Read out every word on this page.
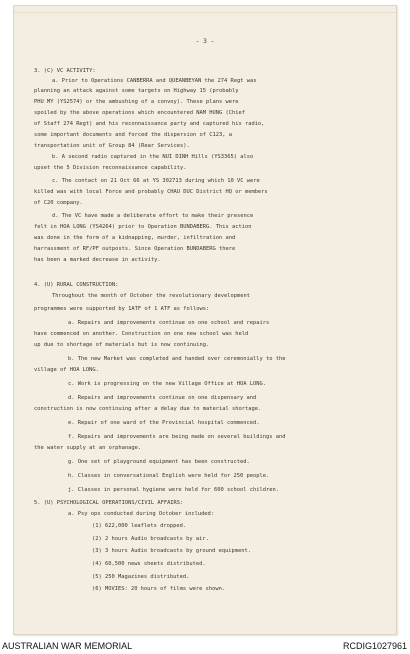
- 3 -
3. (C) VC ACTIVITY:
a. Prior to Operations CANBERRA and QUEANBEYAN the 274 Regt was
planning an attack against some targets on Highway 15 (probably
PHU MY (YS2574) or the ambushing of a convoy). These plans were
spoiled by the above operations which encountered NAM HUNG (Chief
of Staff 274 Regt) and his reconnaissance party and captured his radio,
some important documents and forced the dispersion of C123, a
transportation unit of Group 84 (Rear Services).
b. A second radio captured in the NUI DINH Hills (YS3365) also
upset the 5 Division reconnaissance capability.
c. The contact on 21 Oct 66 at YS 302713 during which 10 VC were
killed was with local Force and probably CHAU DUC District HQ or members
of C20 company.
d. The VC have made a deliberate effort to make their presence
felt in HOA LONG (YS4264) prior to Operation BUNDABERG. This action
was done in the form of a kidnapping, murder, infiltration and
harrassment of RF/PF outposts. Since Operation BUNDABERG there
has been a marked decrease in activity.
4. (U) RURAL CONSTRUCTION:
Throughout the month of October the revolutionary development
programmes were supported by 1ATF of 1 ATF as follows:
a. Repairs and improvements continue on one school and repairs
have commenced on another. Construction on one new school was held
up due to shortage of materials but is now continuing.
b. The new Market was completed and handed over ceremonially to the
village of HOA LONG.
c. Work is progressing on the new Village Office at HOA LONG.
d. Repairs and improvements continue on one dispensary and
construction is now continuing after a delay due to material shortage.
e. Repair of one ward of the Provincial hospital commenced.
f. Repairs and improvements are being made on several buildings and
the water supply at an orphanage.
g. One set of playground equipment has been constructed.
h. Classes in conversational English were held for 250 people.
j. Classes in personal hygiene were held for 600 school children.
5. (U) PSYCHOLOGICAL OPERATIONS/CIVIL AFFAIRS:
a. Psy ops conducted during October included:
(1) 622,000 leaflets dropped.
(2) 2 hours Audio broadcasts by air.
(3) 3 hours Audio broadcasts by ground equipment.
(4) 60,500 news sheets distributed.
(5) 250 Magazines distributed.
(6) MOVIES: 20 hours of films were shown.
AUSTRALIAN WAR MEMORIAL	RCDIG1027961
